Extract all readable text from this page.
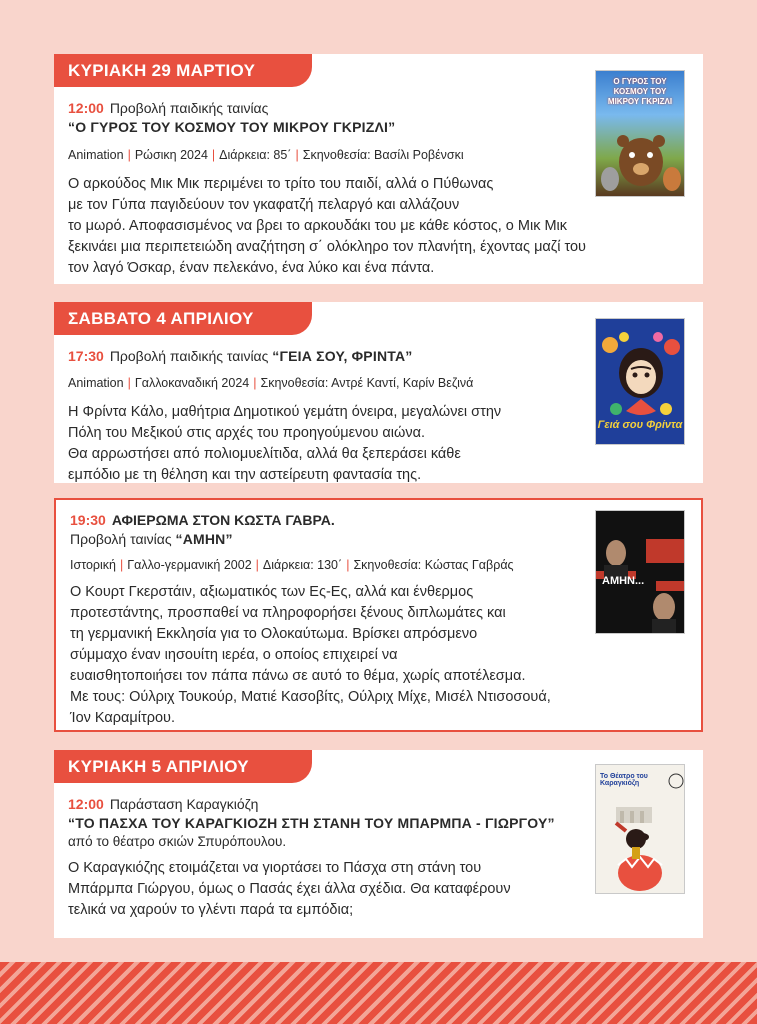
ΚΥΡΙΑΚΗ 29 ΜΑΡΤΙΟΥ
12:00 Προβολή παιδικής ταινίας
“Ο ΓΥΡΟΣ ΤΟΥ ΚΟΣΜΟΥ ΤΟΥ ΜΙΚΡΟΥ ΓΚΡΙΖΛΙ”
Animation | Ρώσικη 2024 | Διάρκεια: 85΄ | Σκηνοθεσία: Βασίλι Ροβένσκι
Ο αρκούδος Μικ Μικ περιμένει το τρίτο του παιδί, αλλά ο Πύθωνας
με τον Γύπα παγιδεύουν τον γκαφατζή πελαργό και αλλάζουν
το μωρό. Αποφασισμένος να βρει το αρκουδάκι του με κάθε κόστος, ο Μικ Μικ
ξεκινάει μια περιπετειώδη αναζήτηση σ΄ ολόκληρο τον πλανήτη, έχοντας μαζί του
τον λαγό Όσκαρ, έναν πελεκάνο, ένα λύκο και ένα πάντα.
Ο ΓΥΡΟΣ ΤΟΥ ΚΟΣΜΟΥ ΤΟΥ ΜΙΚΡΟΥ ΓΚΡΙΖΛΙ
ΣΑΒΒΑΤΟ 4 ΑΠΡΙΛΙΟΥ
17:30 Προβολή παιδικής ταινίας “ΓΕΙΑ ΣΟΥ, ΦΡΙΝΤΑ”
Animation | Γαλλοκαναδική 2024 | Σκηνοθεσία: Αντρέ Καντί, Καρίν Βεζινά
Η Φρίντα Κάλο, μαθήτρια Δημοτικού γεμάτη όνειρα, μεγαλώνει στην
Πόλη του Μεξικού στις αρχές του προηγούμενου αιώνα.
Θα αρρωστήσει από πολιομυελίτιδα, αλλά θα ξεπεράσει κάθε
εμπόδιο με τη θέληση και την αστείρευτη φαντασία της.
Γειά σου Φρίντα
19:30 ΑΦΙΕΡΩΜΑ ΣΤΟΝ ΚΩΣΤΑ ΓΑΒΡΑ.
Προβολή ταινίας “ΑΜΗΝ”
Ιστορική | Γαλλο-γερμανική 2002 | Διάρκεια: 130΄ | Σκηνοθεσία: Κώστας Γαβράς
Ο Κουρτ Γκερστάιν, αξιωματικός των Ες-Ες, αλλά και ένθερμος
προτεστάντης, προσπαθεί να πληροφορήσει ξένους διπλωμάτες και
τη γερμανική Εκκλησία για το Ολοκαύτωμα. Βρίσκει απρόσμενο
σύμμαχο έναν ιησουίτη ιερέα, ο οποίος επιχειρεί να
ευαισθητοποιήσει τον πάπα πάνω σε αυτό το θέμα, χωρίς αποτέλεσμα.
Με τους: Ούλριχ Τουκούρ, Ματιέ Κασοβίτς, Ούλριχ Μίχε, Μισέλ Ντισοσουά,
Ίον Καραμίτρου.
ΑΜΗΝ...
ΚΥΡΙΑΚΗ 5 ΑΠΡΙΛΙΟΥ
12:00 Παράσταση Καραγκιόζη
“ΤΟ ΠΑΣΧΑ ΤΟΥ ΚΑΡΑΓΚΙΟΖΗ ΣΤΗ ΣΤΑΝΗ ΤΟΥ ΜΠΑΡΜΠΑ - ΓΙΩΡΓΟΥ”
από το θέατρο σκιών Σπυρόπουλου.
Ο Καραγκιόζης ετοιμάζεται να γιορτάσει το Πάσχα στη στάνη του
Μπάρμπα Γιώργου, όμως ο Πασάς έχει άλλα σχέδια. Θα καταφέρουν
τελικά να χαρούν το γλέντι παρά τα εμπόδια;
Το Θέατρο του Καραγκιόζη
